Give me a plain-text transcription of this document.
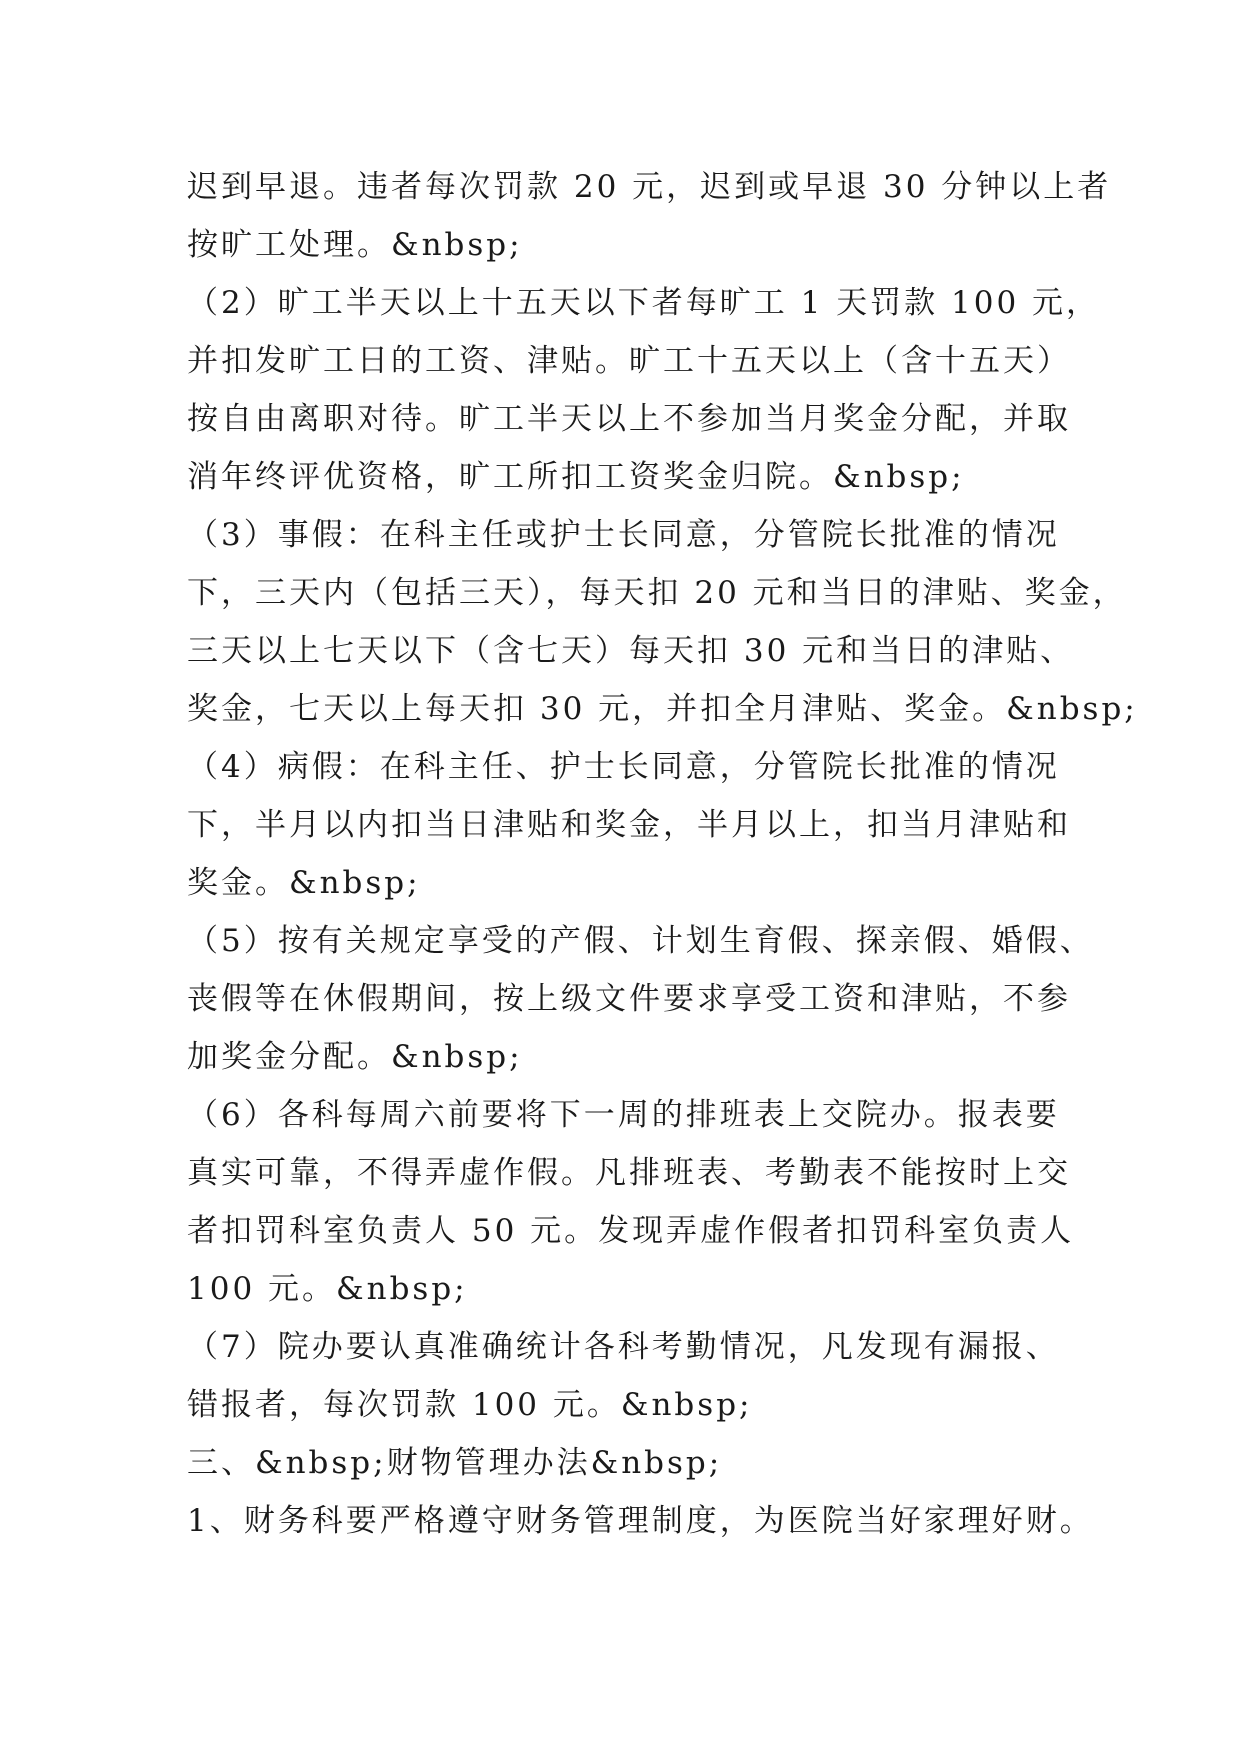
迟到早退。违者每次罚款 20 元，迟到或早退 30 分钟以上者
按旷工处理。&nbsp;
（2）旷工半天以上十五天以下者每旷工 1 天罚款 100 元，
并扣发旷工日的工资、津贴。旷工十五天以上（含十五天）
按自由离职对待。旷工半天以上不参加当月奖金分配，并取
消年终评优资格，旷工所扣工资奖金归院。&nbsp;
（3）事假：在科主任或护士长同意，分管院长批准的情况
下，三天内（包括三天），每天扣 20 元和当日的津贴、奖金，
三天以上七天以下（含七天）每天扣 30 元和当日的津贴、
奖金，七天以上每天扣 30 元，并扣全月津贴、奖金。&nbsp;
（4）病假：在科主任、护士长同意，分管院长批准的情况
下，半月以内扣当日津贴和奖金，半月以上，扣当月津贴和
奖金。&nbsp;
（5）按有关规定享受的产假、计划生育假、探亲假、婚假、
丧假等在休假期间，按上级文件要求享受工资和津贴，不参
加奖金分配。&nbsp;
（6）各科每周六前要将下一周的排班表上交院办。报表要
真实可靠，不得弄虚作假。凡排班表、考勤表不能按时上交
者扣罚科室负责人 50 元。发现弄虚作假者扣罚科室负责人
100 元。&nbsp;
（7）院办要认真准确统计各科考勤情况，凡发现有漏报、
错报者，每次罚款 100 元。&nbsp;
三、&nbsp;财物管理办法&nbsp;
1、财务科要严格遵守财务管理制度，为医院当好家理好财。
